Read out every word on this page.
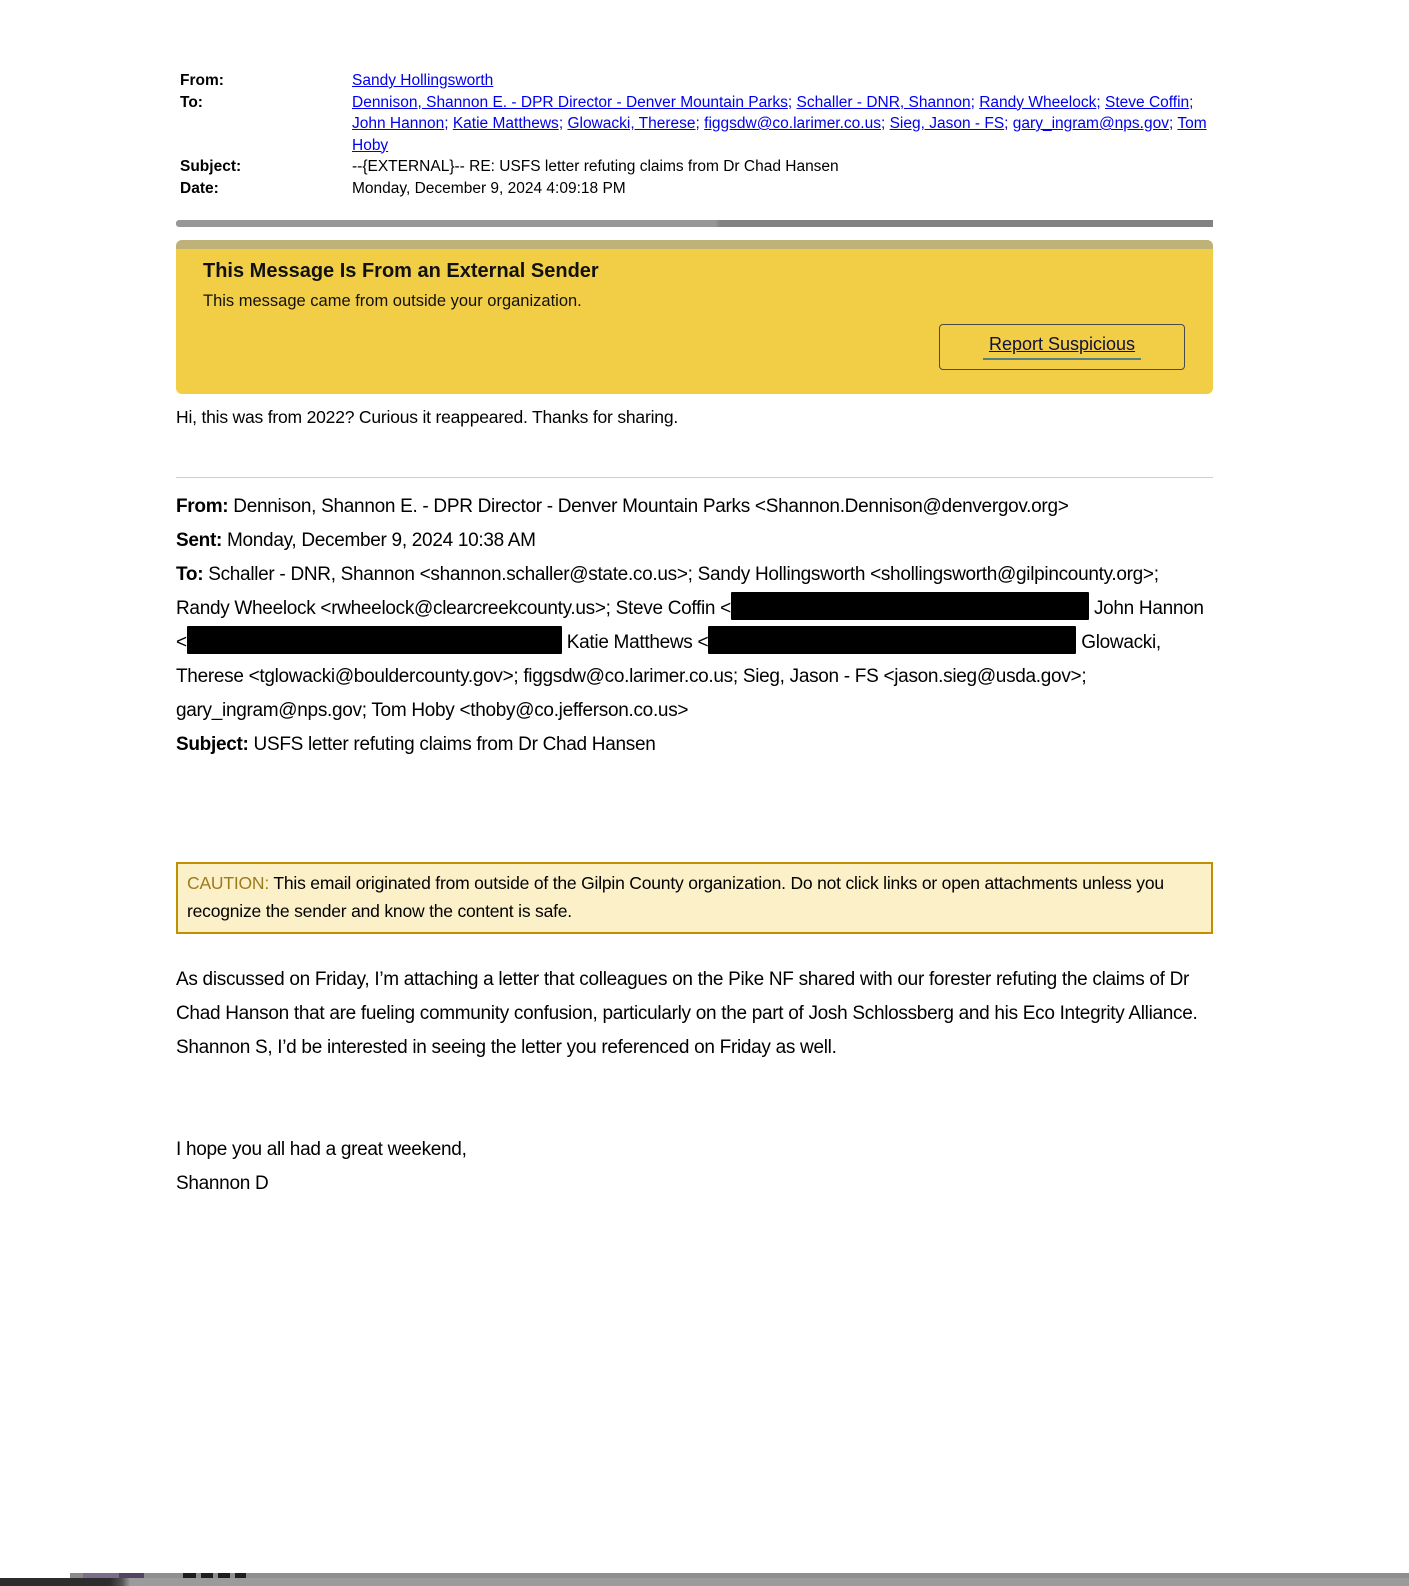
From:	Sandy Hollingsworth
To:	Dennison, Shannon E. - DPR Director - Denver Mountain Parks; Schaller - DNR, Shannon; Randy Wheelock; Steve Coffin; John Hannon; Katie Matthews; Glowacki, Therese; figgsdw@co.larimer.co.us; Sieg, Jason - FS; gary_ingram@nps.gov; Tom Hoby
Subject:	--{EXTERNAL}-- RE: USFS letter refuting claims from Dr Chad Hansen
Date:	Monday, December 9, 2024 4:09:18 PM
This Message Is From an External Sender
This message came from outside your organization.
Report Suspicious
Hi, this was from 2022? Curious it reappeared. Thanks for sharing.

From: Dennison, Shannon E. - DPR Director - Denver Mountain Parks <Shannon.Dennison@denvergov.org>

Sent: Monday, December 9, 2024 10:38 AM

To: Schaller - DNR, Shannon <shannon.schaller@state.co.us>; Sandy Hollingsworth <shollingsworth@gilpincounty.org>; Randy Wheelock <rwheelock@clearcreekcounty.us>; Steve Coffin <	John Hannon <	Katie Matthews <	Glowacki, Therese <tglowacki@bouldercounty.gov>; figgsdw@co.larimer.co.us; Sieg, Jason - FS <jason.sieg@usda.gov>; gary_ingram@nps.gov; Tom Hoby <thoby@co.jefferson.co.us>

Subject: USFS letter refuting claims from Dr Chad Hansen

CAUTION: This email originated from outside of the Gilpin County organization. Do not click links or open attachments unless you recognize the sender and know the content is safe.
As discussed on Friday, I’m attaching a letter that colleagues on the Pike NF shared with our forester refuting the claims of Dr Chad Hanson that are fueling community confusion, particularly on the part of Josh Schlossberg and his Eco Integrity Alliance. Shannon S, I’d be interested in seeing the letter you referenced on Friday as well.
I hope you all had a great weekend,
Shannon D
